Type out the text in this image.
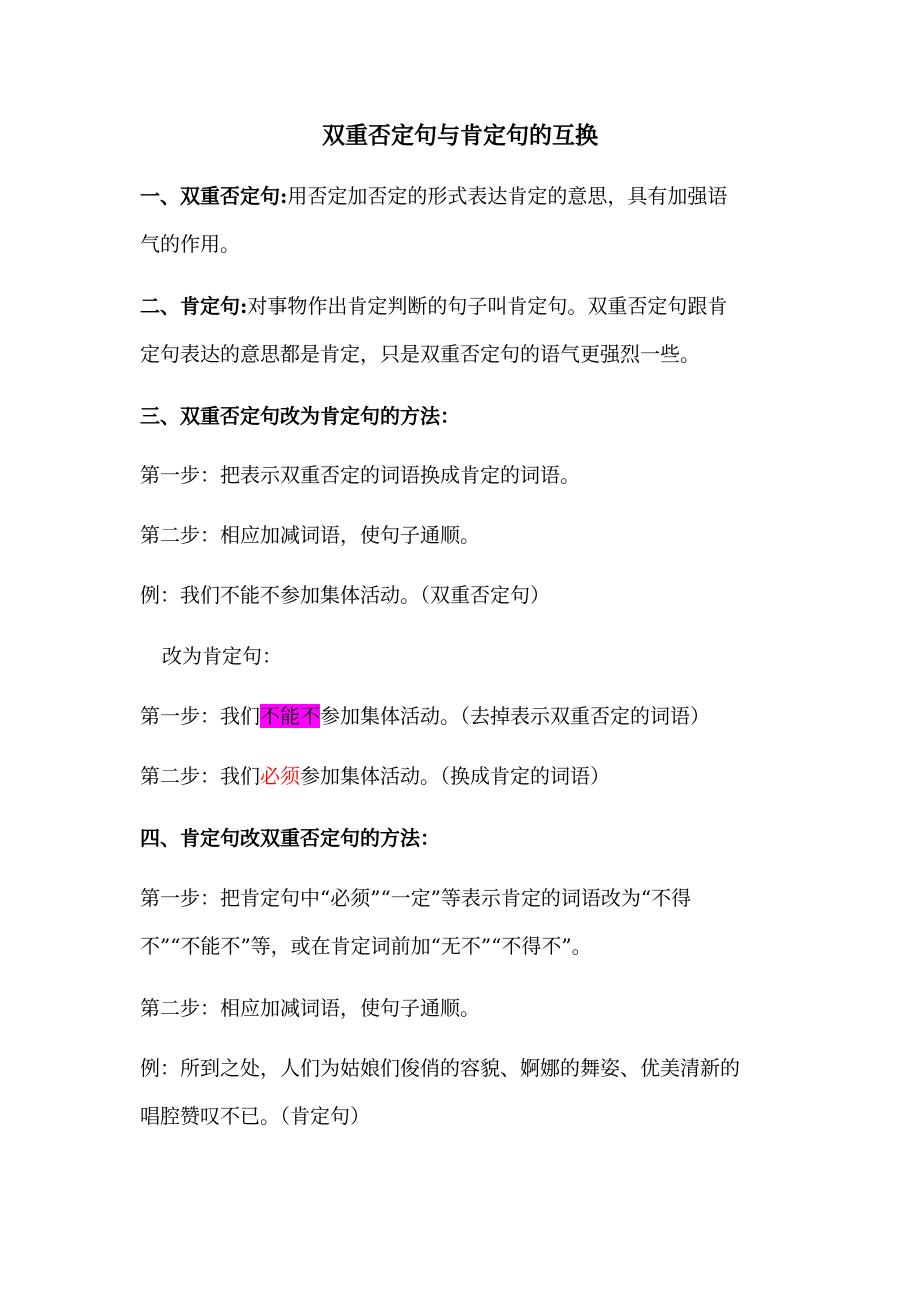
双重否定句与肯定句的互换
一、双重否定句:用否定加否定的形式表达肯定的意思，具有加强语
气的作用。
二、肯定句:对事物作出肯定判断的句子叫肯定句。双重否定句跟肯
定句表达的意思都是肯定，只是双重否定句的语气更强烈一些。
三、双重否定句改为肯定句的方法：
第一步：把表示双重否定的词语换成肯定的词语。
第二步：相应加减词语，使句子通顺。
例：我们不能不参加集体活动。（双重否定句）
改为肯定句：
第一步：我们不能不参加集体活动。（去掉表示双重否定的词语）
第二步：我们必须参加集体活动。（换成肯定的词语）
四、肯定句改双重否定句的方法：
第一步：把肯定句中“必须”“一定”等表示肯定的词语改为“不得
不”“不能不”等，或在肯定词前加“无不”“不得不”。
第二步：相应加减词语，使句子通顺。
例：所到之处，人们为姑娘们俊俏的容貌、婀娜的舞姿、优美清新的
唱腔赞叹不已。（肯定句）
